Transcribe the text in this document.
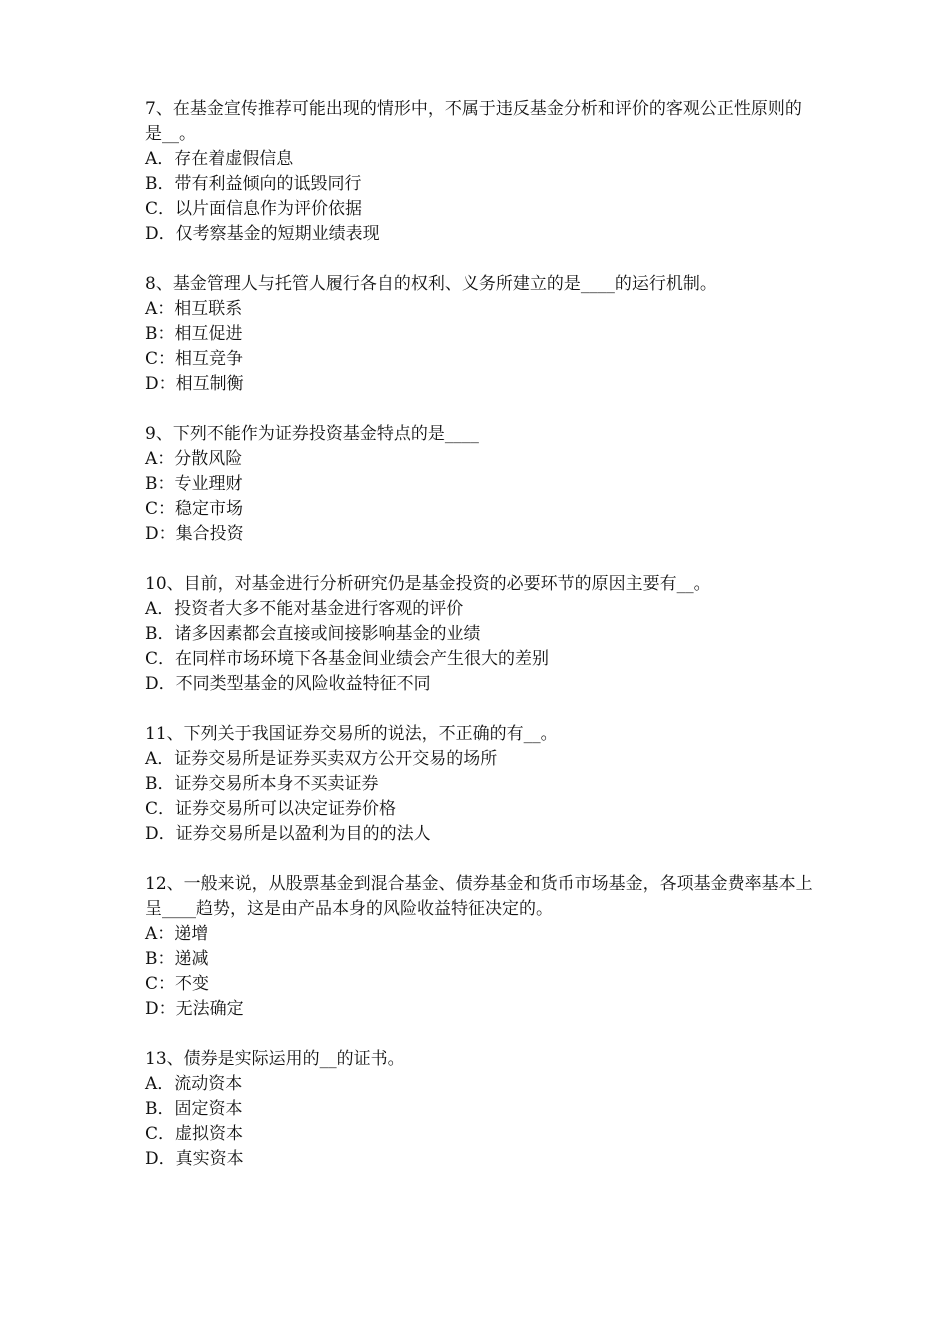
7、在基金宣传推荐可能出现的情形中，不属于违反基金分析和评价的客观公正性原则的是__。

A．存在着虚假信息

B．带有利益倾向的诋毁同行

C．以片面信息作为评价依据

D．仅考察基金的短期业绩表现

8、基金管理人与托管人履行各自的权利、义务所建立的是____的运行机制。

A：相互联系

B：相互促进

C：相互竞争

D：相互制衡

9、下列不能作为证券投资基金特点的是____

A：分散风险

B：专业理财

C：稳定市场

D：集合投资

10、目前，对基金进行分析研究仍是基金投资的必要环节的原因主要有__。

A．投资者大多不能对基金进行客观的评价

B．诸多因素都会直接或间接影响基金的业绩

C．在同样市场环境下各基金间业绩会产生很大的差别

D．不同类型基金的风险收益特征不同

11、下列关于我国证券交易所的说法，不正确的有__。

A．证券交易所是证券买卖双方公开交易的场所

B．证券交易所本身不买卖证券

C．证券交易所可以决定证券价格

D．证券交易所是以盈利为目的的法人

12、一般来说，从股票基金到混合基金、债券基金和货币市场基金，各项基金费率基本上呈____趋势，这是由产品本身的风险收益特征决定的。

A：递增

B：递减

C：不变

D：无法确定

13、债券是实际运用的__的证书。

A．流动资本

B．固定资本

C．虚拟资本

D．真实资本
